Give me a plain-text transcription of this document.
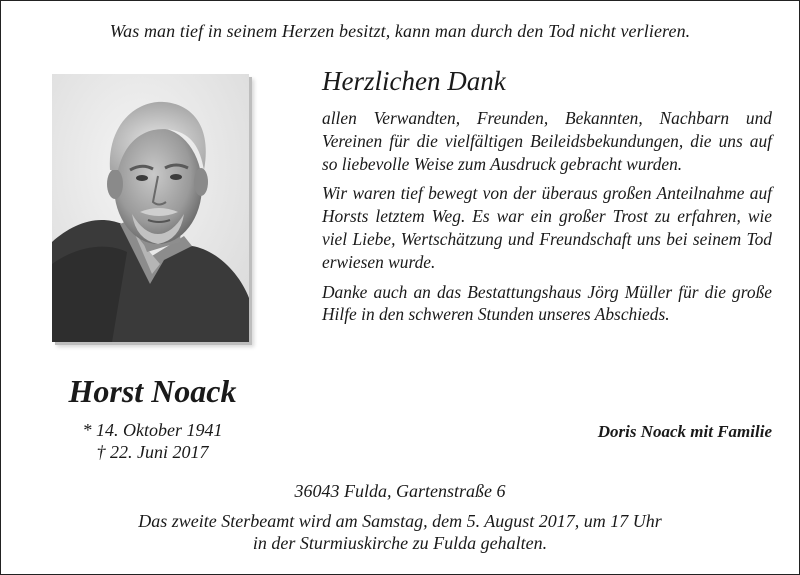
Was man tief in seinem Herzen besitzt, kann man durch den Tod nicht verlieren.
Horst Noack
* 14. Oktober 1941
† 22. Juni 2017
Herzlichen Dank

allen Verwandten, Freunden, Bekannten, Nachbarn und Vereinen für die vielfältigen Beileidsbekundungen, die uns auf so liebevolle Weise zum Ausdruck gebracht wurden.

Wir waren tief bewegt von der überaus großen Anteilnahme auf Horsts letztem Weg. Es war ein großer Trost zu erfahren, wie viel Liebe, Wertschätzung und Freundschaft uns bei seinem Tod erwiesen wurde.

Danke auch an das Bestattungshaus Jörg Müller für die große Hilfe in den schweren Stunden unseres Abschieds.

Doris Noack mit Familie
36043 Fulda, Gartenstraße 6
Das zweite Sterbeamt wird am Samstag, dem 5. August 2017, um 17 Uhr
in der Sturmiuskirche zu Fulda gehalten.
